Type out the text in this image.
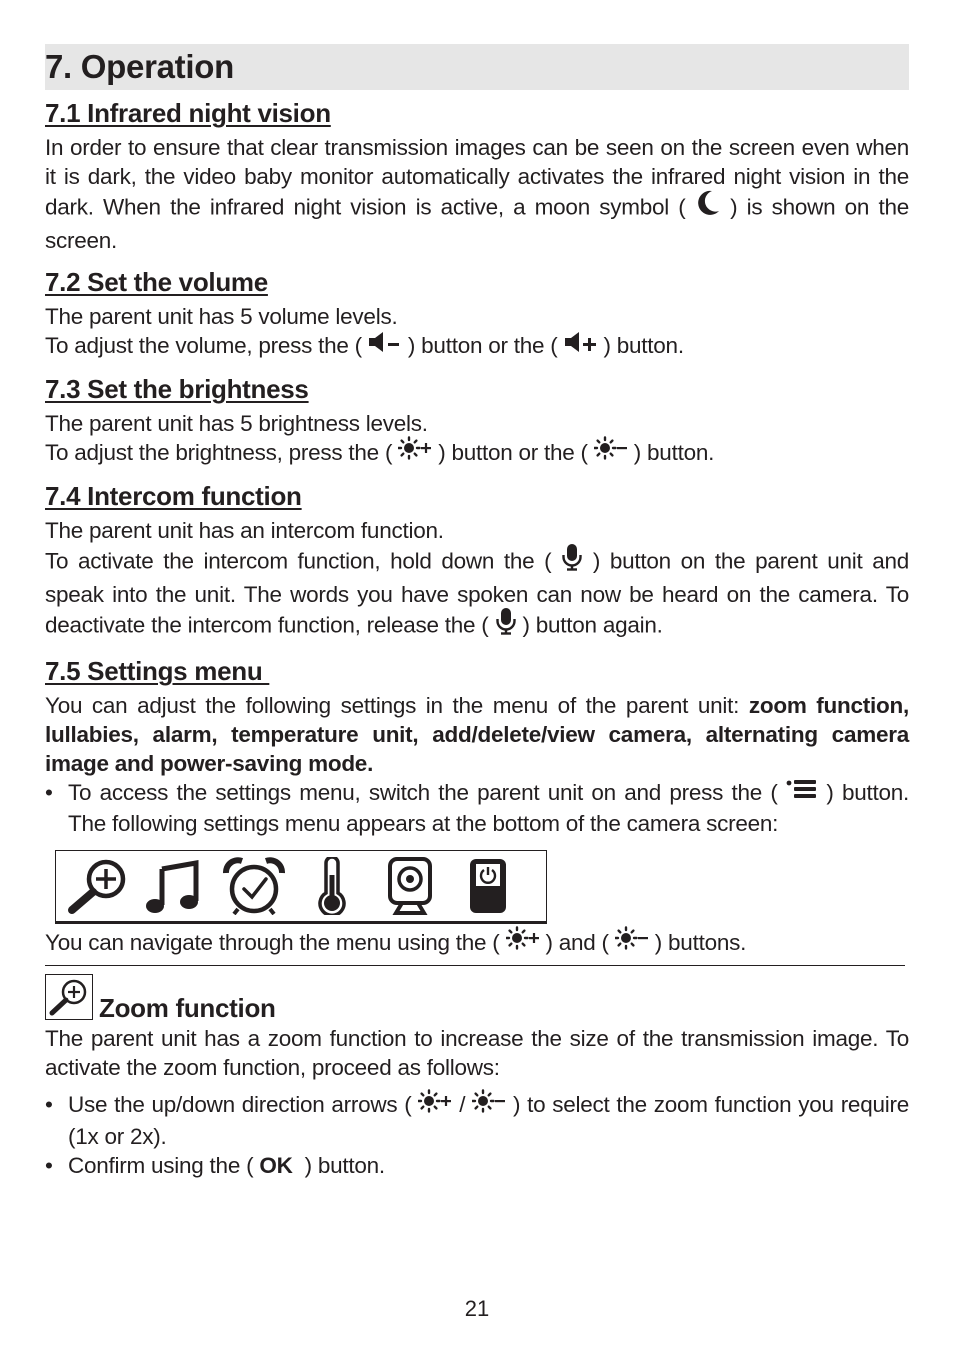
7. Operation
7.1 Infrared night vision

In order to ensure that clear transmission images can be seen on the screen even when it is dark, the video baby monitor automatically activates the infrared night vision in the dark. When the infrared night vision is active, a moon symbol (  ) is shown on the screen.

7.2 Set the volume

The parent unit has 5 volume levels.

To adjust the volume, press the (  ) button or the (  ) button.

7.3 Set the brightness

The parent unit has 5 brightness levels.

To adjust the brightness, press the (  ) button or the (  ) button.

7.4 Intercom function

The parent unit has an intercom function.

To activate the intercom function, hold down the (  ) button on the parent unit and speak into the unit. The words you have spoken can now be heard on the camera. To deactivate the intercom function, release the (  ) button again.

7.5 Settings menu

You can adjust the following settings in the menu of the parent unit: zoom function, lullabies, alarm, temperature unit, add/delete/view camera, alternating camera image and power-saving mode.

• To access the settings menu, switch the parent unit on and press the (  ) button. The following settings menu appears at the bottom of the camera screen:

You can navigate through the menu using the (  ) and (  ) buttons.

Zoom function

The parent unit has a zoom function to increase the size of the transmission image. To activate the zoom function, proceed as follows:

• Use the up/down direction arrows (  /  ) to select the zoom function you require (1x or 2x).
• Confirm using the ( OK  ) button.
21
